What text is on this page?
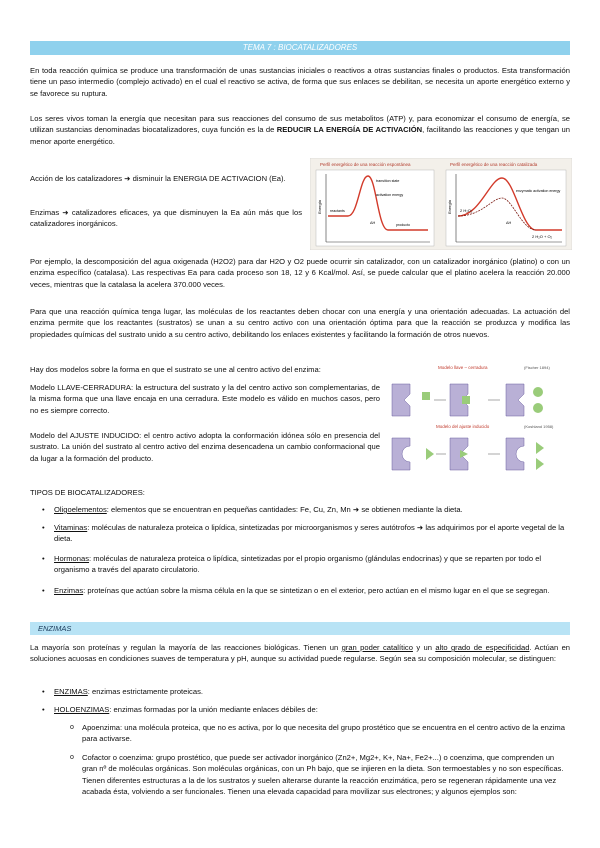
TEMA 7 : BIOCATALIZADORES
En toda reacción química se produce una transformación de unas sustancias iniciales o reactivos a otras sustancias finales o productos. Esta transformación tiene un paso intermedio (complejo activado) en el cual el reactivo se activa, de forma que sus enlaces se debilitan, se necesita un aporte energético externo y se favorece su ruptura.
Los seres vivos toman la energía que necesitan para sus reacciones del consumo de sus metabolitos (ATP) y, para economizar el consumo de energía, se utilizan sustancias denominadas biocatalizadores, cuya función es la de REDUCIR LA ENERGÍA DE ACTIVACIÓN, facilitando las reacciones y que tengan un menor aporte energético.
Acción de los catalizadores ➜ disminuir la ENERGIA DE ACTIVACION (Ea).
Enzimas ➜ catalizadores eficaces, ya que disminuyen la Ea aún más que los catalizadores inorgánicos.
Perfil energético de una reacción espontánea	Perfil energético de una reacción catalizada
Energía	Energía
transition state
activation energy
reactants
producto
enzymatic activation energy
2 H₂O₂
2 H₂O + O₂
ΔH	ΔH
Por ejemplo, la descomposición del agua oxigenada (H2O2) para dar H2O y O2 puede ocurrir sin catalizador, con un catalizador inorgánico (platino) o con un enzima específico (catalasa). Las respectivas Ea para cada proceso son 18, 12 y 6 Kcal/mol. Así, se puede calcular que el platino acelera la reacción 20.000 veces, mientras que la catalasa la acelera 370.000 veces.
Para que una reacción química tenga lugar, las moléculas de los reactantes deben chocar con una energía y una orientación adecuadas. La actuación del enzima permite que los reactantes (sustratos) se unan a su centro activo con una orientación óptima para que la reacción se produzca y modifica las propiedades químicas del sustrato unido a su centro activo, debilitando los enlaces existentes y facilitando la formación de otros nuevos.
Hay dos modelos sobre la forma en que el sustrato se une al centro activo del enzima:
Modelo LLAVE-CERRADURA: la estructura del sustrato y la del centro activo son complementarias, de la misma forma que una llave encaja en una cerradura. Este modelo es válido en muchos casos, pero no es siempre correcto.
Modelo del AJUSTE INDUCIDO: el centro activo adopta la conformación idónea sólo en presencia del sustrato. La unión del sustrato al centro activo del enzima desencadena un cambio conformacional que da lugar a la formación del producto.
Modelo llave – cerradura	(Fischer 1894)
Modelo del ajuste inducido	(Koshland 1958)
TIPOS DE BIOCATALIZADORES:
• Oligoelementos: elementos que se encuentran en pequeñas cantidades: Fe, Cu, Zn, Mn ➜ se obtienen mediante la dieta.
• Vitaminas: moléculas de naturaleza proteica o lipídica, sintetizadas por microorganismos y seres autótrofos ➜ las adquirimos por el aporte vegetal de la dieta.
• Hormonas: moléculas de naturaleza proteica o lipídica, sintetizadas por el propio organismo (glándulas endocrinas) y que se reparten por todo el organismo a través del aparato circulatorio.
• Enzimas: proteínas que actúan sobre la misma célula en la que se sintetizan o en el exterior, pero actúan en el mismo lugar en el que se segregan.
ENZIMAS
La mayoría son proteínas y regulan la mayoría de las reacciones biológicas. Tienen un gran poder catalítico y un alto grado de especificidad. Actúan en soluciones acuosas en condiciones suaves de temperatura y pH, aunque su actividad puede regularse. Según sea su composición molecular, se distinguen:
• ENZIMAS: enzimas estrictamente proteicas.
• HOLOENZIMAS: enzimas formadas por la unión mediante enlaces débiles de:
o Apoenzima: una molécula proteica, que no es activa, por lo que necesita del grupo prostético que se encuentra en el centro activo de la enzima para activarse.
o Cofactor o coenzima: grupo prostético, que puede ser activador inorgánico (Zn2+, Mg2+, K+, Na+, Fe2+...) o coenzima, que comprenden un gran nº de moléculas orgánicas. Son moléculas orgánicas, con un Ph bajo, que se injieren en la dieta. Son termoestables y no son específicas. Tienen diferentes estructuras a la de los sustratos y suelen alterarse durante la reacción enzimática, pero se regeneran rápidamente una vez acabada ésta, volviendo a ser funcionales. Tienen una elevada capacidad para movilizar sus electrones; y algunos ejemplos son:
